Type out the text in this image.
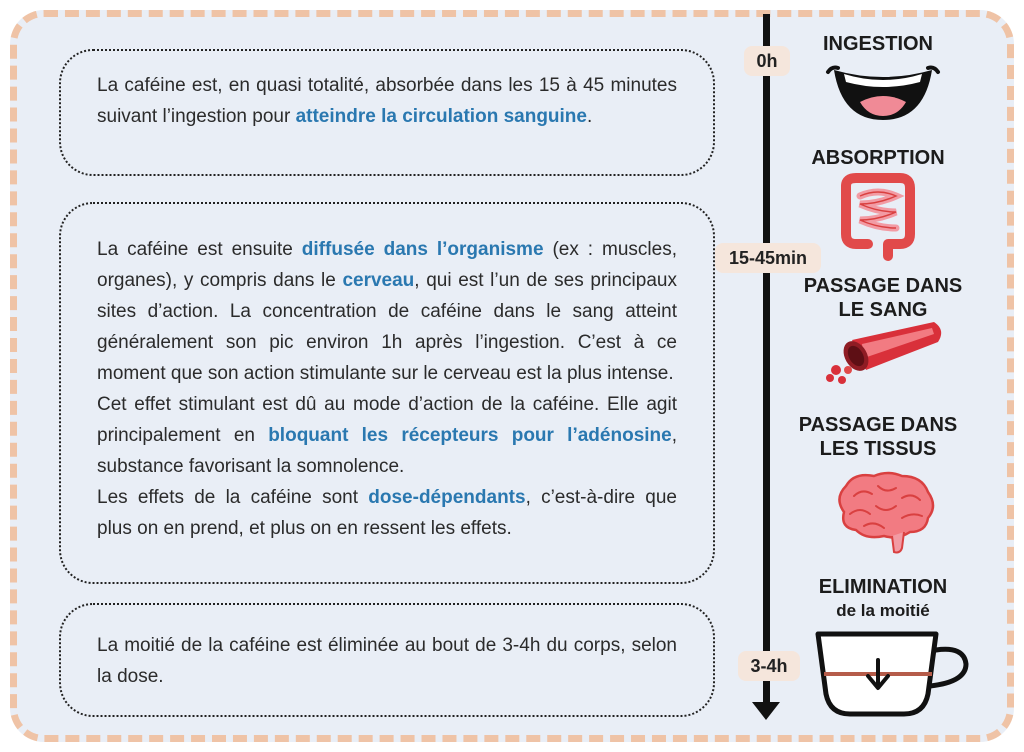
La caféine est, en quasi totalité, absorbée dans les 15 à 45 minutes suivant l’ingestion pour atteindre la circulation sanguine.

La caféine est ensuite diffusée dans l’organisme (ex : muscles, organes), y compris dans le cerveau, qui est l’un de ses principaux sites d’action. La concentration de caféine dans le sang atteint généralement son pic environ 1h après l’ingestion. C’est à ce moment que son action stimulante sur le cerveau est la plus intense.

Cet effet stimulant est dû au mode d’action de la caféine. Elle agit principalement en bloquant les récepteurs pour l’adénosine, substance favorisant la somnolence.

Les effets de la caféine sont dose-dépendants, c’est-à-dire que plus on en prend, et plus on en ressent les effets.

La moitié de la caféine est éliminée au bout de 3-4h du corps, selon la dose.

0h
15-45min
3-4h
INGESTION
ABSORPTION
PASSAGE DANS
LE SANG
PASSAGE DANS
LES TISSUS
ELIMINATION
de la moitié
